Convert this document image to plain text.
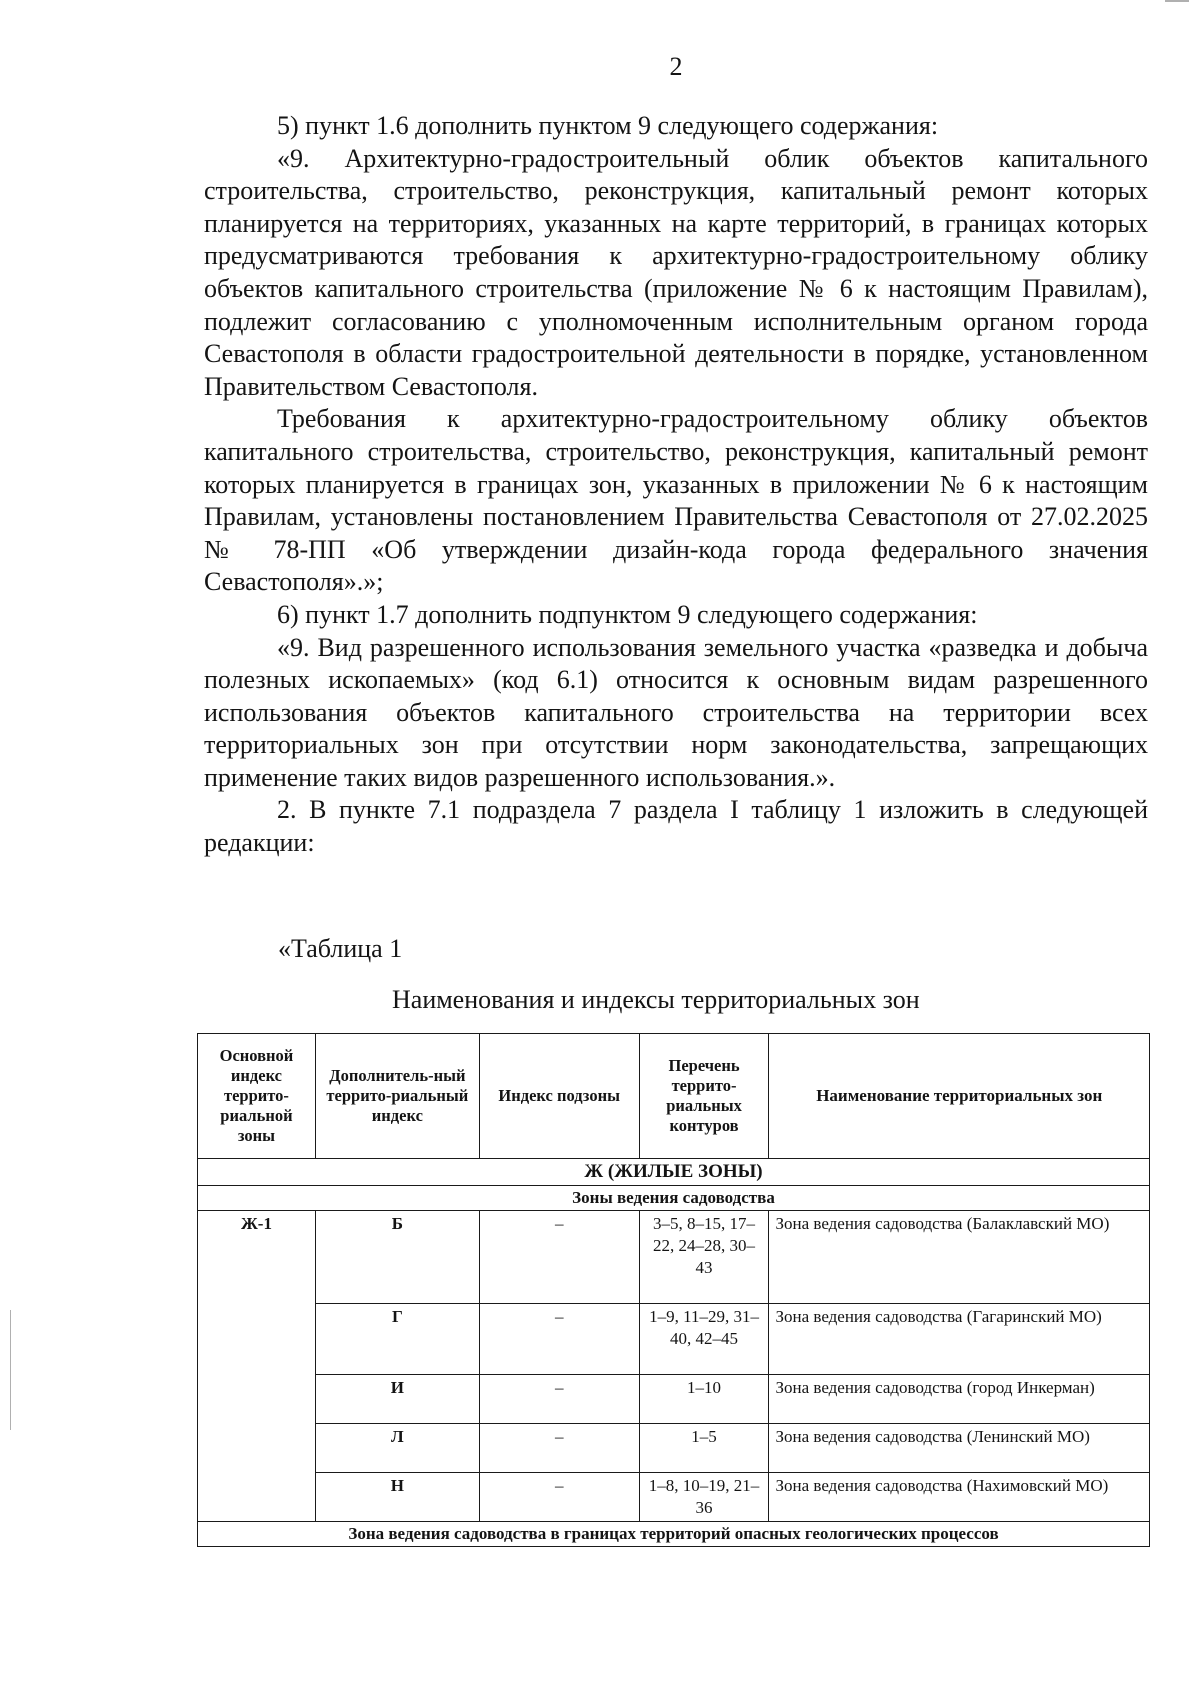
2

5) пункт 1.6 дополнить пунктом 9 следующего содержания:

«9. Архитектурно-градостроительный облик объектов капитального строительства, строительство, реконструкция, капитальный ремонт которых планируется на территориях, указанных на карте территорий, в границах которых предусматриваются требования к архитектурно-градостроительному облику объектов капитального строительства (приложение № 6 к настоящим Правилам), подлежит согласованию с уполномоченным исполнительным органом города Севастополя в области градостроительной деятельности в порядке, установленном Правительством Севастополя.

Требования к архитектурно-градостроительному облику объектов капитального строительства, строительство, реконструкция, капитальный ремонт которых планируется в границах зон, указанных в приложении № 6 к настоящим Правилам, установлены постановлением Правительства Севастополя от 27.02.2025 № 78-ПП «Об утверждении дизайн-кода города федерального значения Севастополя».»;

6) пункт 1.7 дополнить подпунктом 9 следующего содержания:

«9. Вид разрешенного использования земельного участка «разведка и добыча полезных ископаемых» (код 6.1) относится к основным видам разрешенного использования объектов капитального строительства на территории всех территориальных зон при отсутствии норм законодательства, запрещающих применение таких видов разрешенного использования.».

2. В пункте 7.1 подраздела 7 раздела I таблицу 1 изложить в следующей редакции:

«Таблица 1
Наименования и индексы территориальных зон
Основной индекс террито-риальной зоны	Дополнитель-ный террито-риальный индекс	Индекс подзоны	Перечень террито-риальных контуров	Наименование территориальных зон
Ж (ЖИЛЫЕ ЗОНЫ)				
Зоны ведения садоводства				
Ж-1	Б	–	3–5, 8–15, 17–22, 24–28, 30–43	Зона ведения садоводства (Балаклавский МО)
	Г	–	1–9, 11–29, 31–40, 42–45	Зона ведения садоводства (Гагаринский МО)
	И	–	1–10	Зона ведения садоводства (город Инкерман)
	Л	–	1–5	Зона ведения садоводства (Ленинский МО)
	Н	–	1–8, 10–19, 21–36	Зона ведения садоводства (Нахимовский МО)
Зона ведения садоводства в границах территорий опасных геологических процессов				
